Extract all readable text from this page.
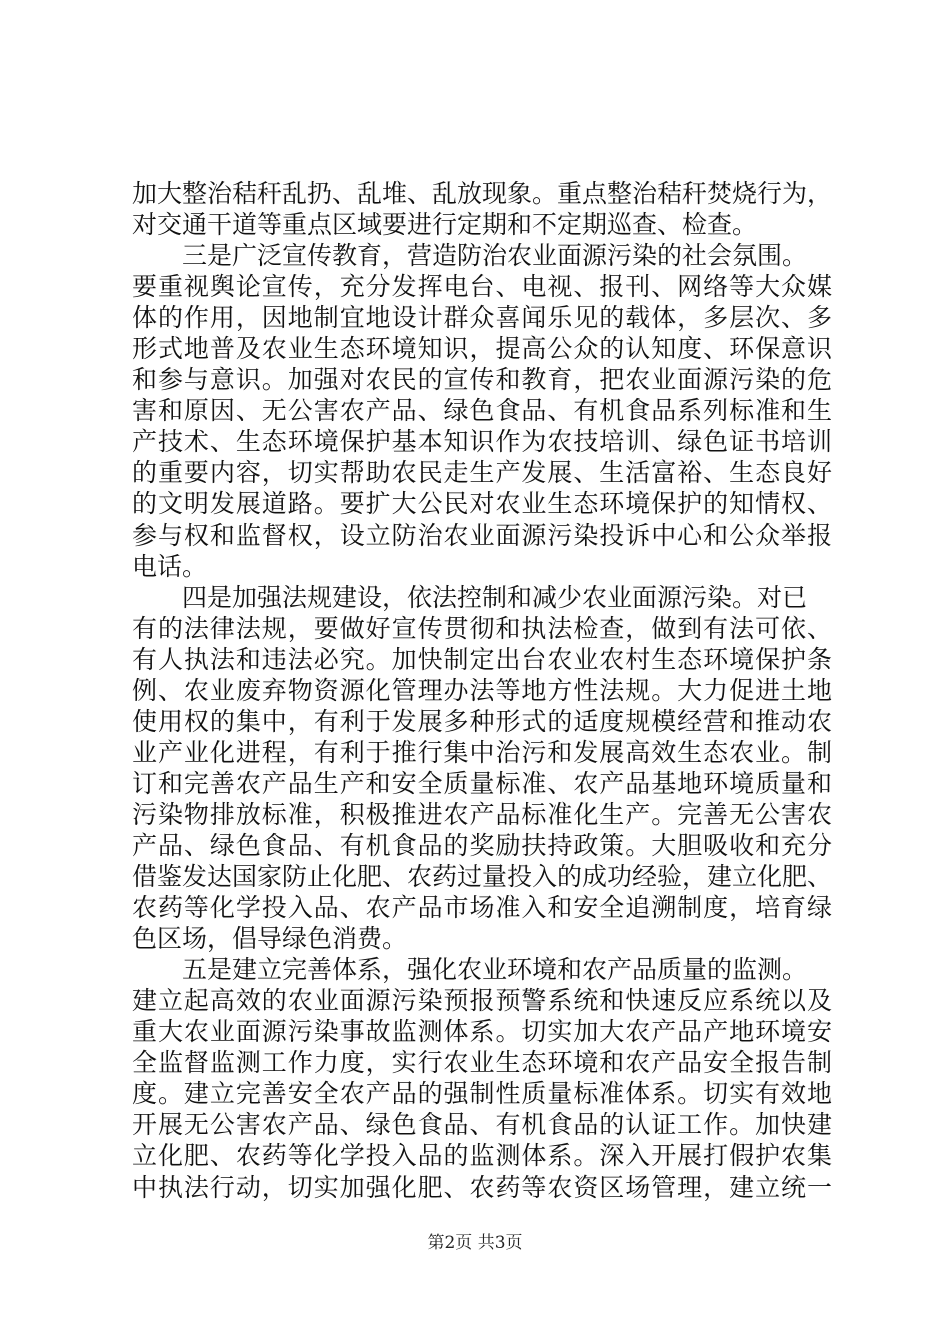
加大整治秸秆乱扔、乱堆、乱放现象。重点整治秸秆焚烧行为，
对交通干道等重点区域要进行定期和不定期巡查、检查。
三是广泛宣传教育，营造防治农业面源污染的社会氛围。
要重视舆论宣传，充分发挥电台、电视、报刊、网络等大众媒
体的作用，因地制宜地设计群众喜闻乐见的载体，多层次、多
形式地普及农业生态环境知识，提高公众的认知度、环保意识
和参与意识。加强对农民的宣传和教育，把农业面源污染的危
害和原因、无公害农产品、绿色食品、有机食品系列标准和生
产技术、生态环境保护基本知识作为农技培训、绿色证书培训
的重要内容，切实帮助农民走生产发展、生活富裕、生态良好
的文明发展道路。要扩大公民对农业生态环境保护的知情权、
参与权和监督权，设立防治农业面源污染投诉中心和公众举报
电话。
四是加强法规建设，依法控制和减少农业面源污染。对已
有的法律法规，要做好宣传贯彻和执法检查，做到有法可依、
有人执法和违法必究。加快制定出台农业农村生态环境保护条
例、农业废弃物资源化管理办法等地方性法规。大力促进土地
使用权的集中，有利于发展多种形式的适度规模经营和推动农
业产业化进程，有利于推行集中治污和发展高效生态农业。制
订和完善农产品生产和安全质量标准、农产品基地环境质量和
污染物排放标准，积极推进农产品标准化生产。完善无公害农
产品、绿色食品、有机食品的奖励扶持政策。大胆吸收和充分
借鉴发达国家防止化肥、农药过量投入的成功经验，建立化肥、
农药等化学投入品、农产品市场准入和安全追溯制度，培育绿
色区场，倡导绿色消费。
五是建立完善体系，强化农业环境和农产品质量的监测。
建立起高效的农业面源污染预报预警系统和快速反应系统以及
重大农业面源污染事故监测体系。切实加大农产品产地环境安
全监督监测工作力度，实行农业生态环境和农产品安全报告制
度。建立完善安全农产品的强制性质量标准体系。切实有效地
开展无公害农产品、绿色食品、有机食品的认证工作。加快建
立化肥、农药等化学投入品的监测体系。深入开展打假护农集
中执法行动，切实加强化肥、农药等农资区场管理，建立统一
第2页 共3页
